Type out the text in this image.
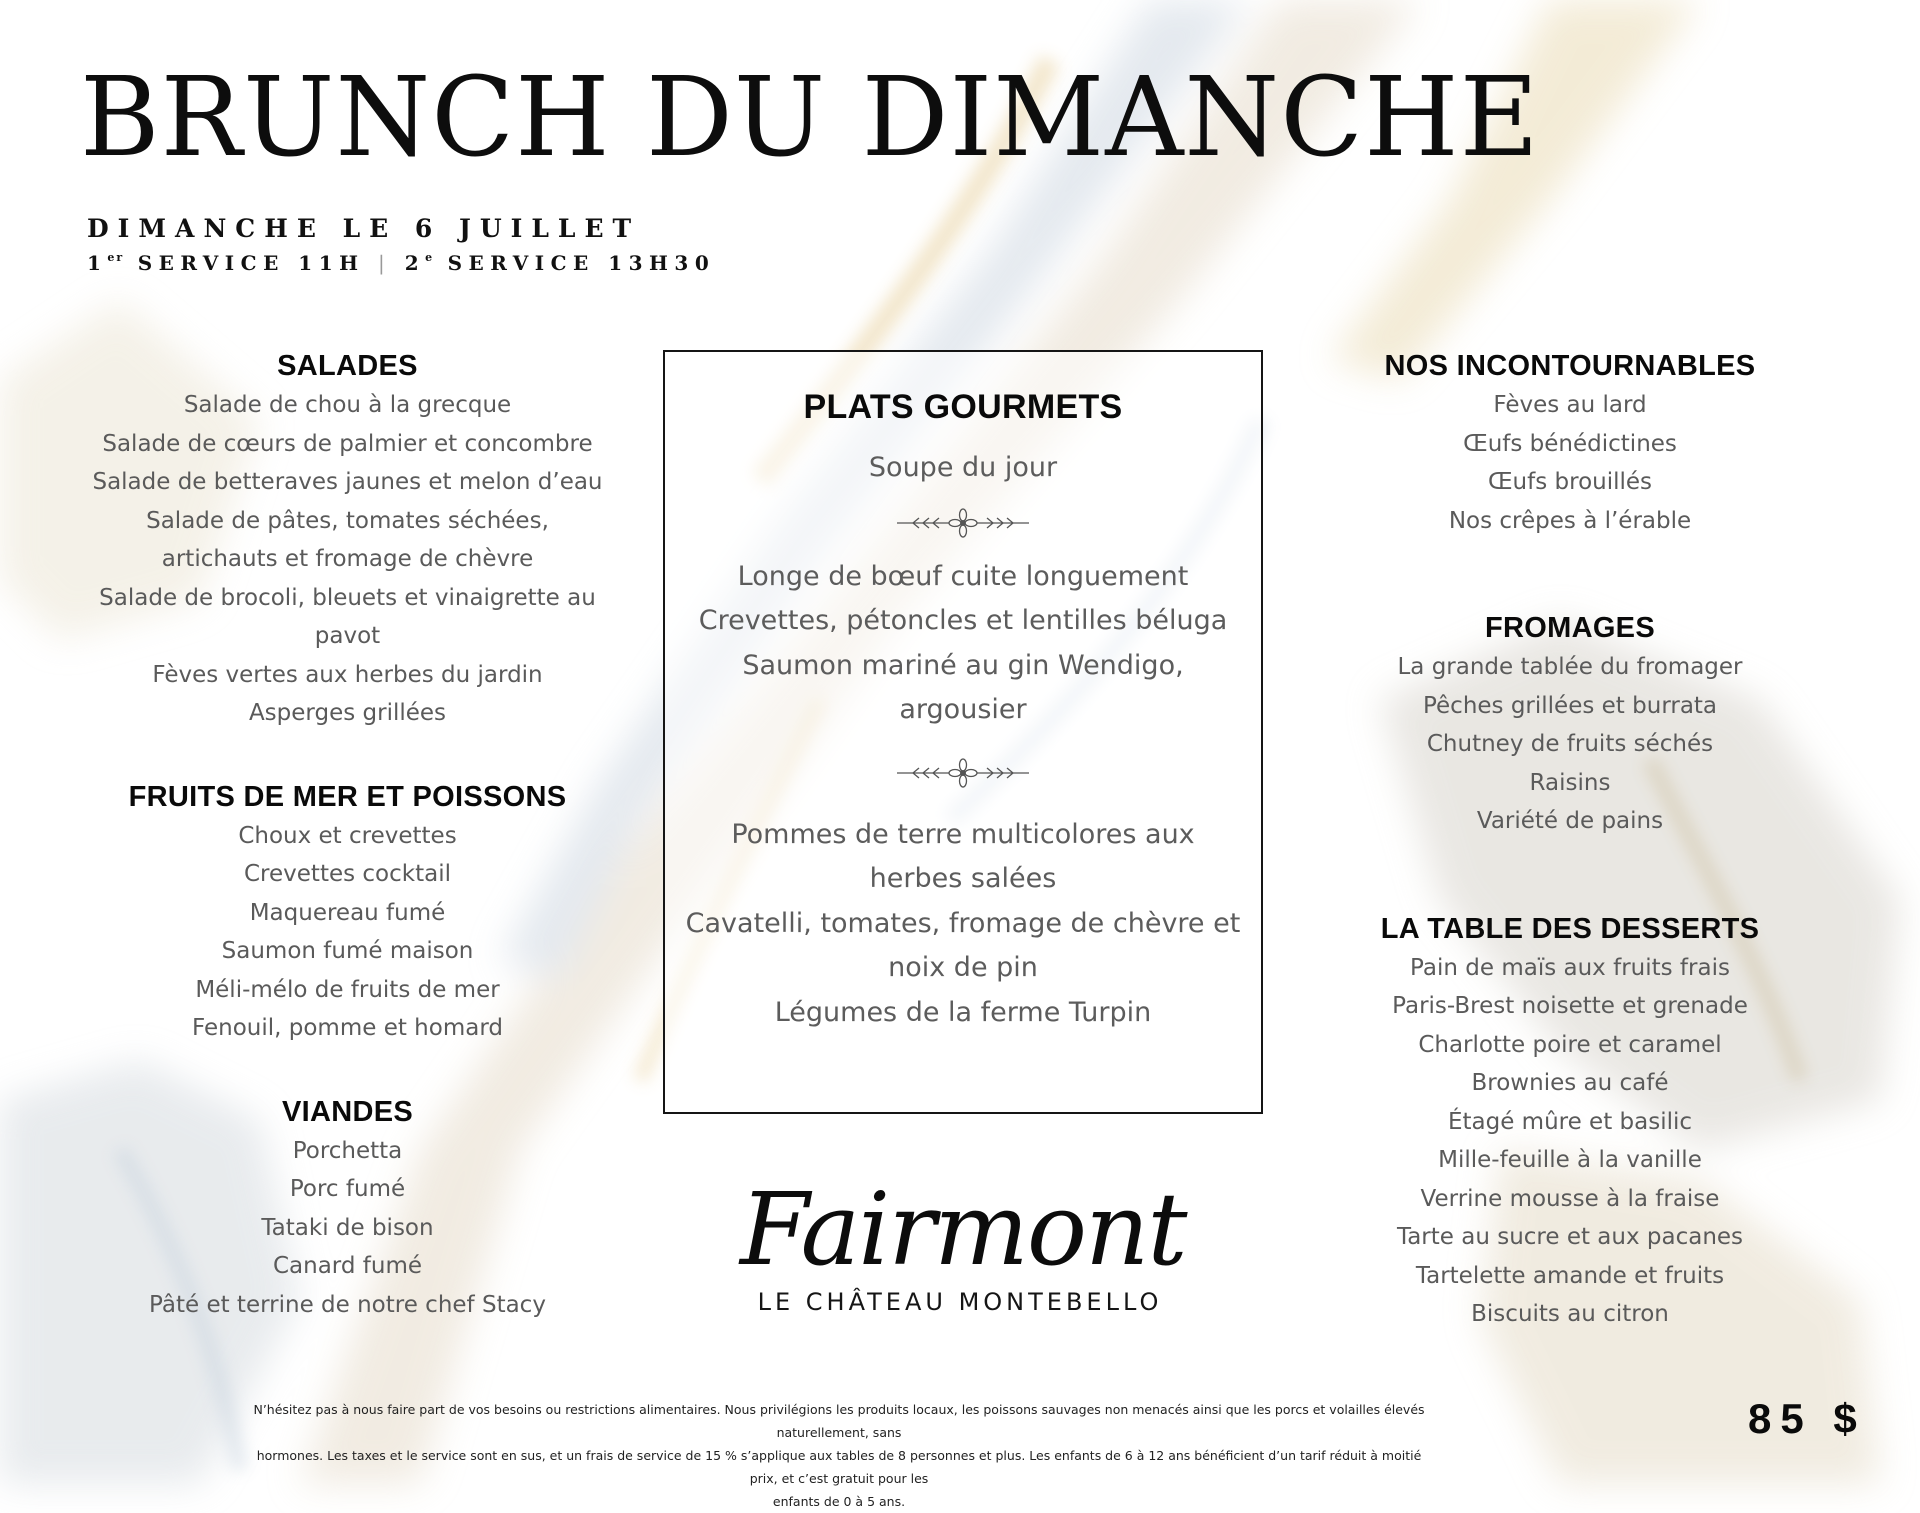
BRUNCH DU DIMANCHE
DIMANCHE LE 6 JUILLET
1er SERVICE 11H | 2e SERVICE 13H30
SALADES
Salade de chou à la grecque
Salade de cœurs de palmier et concombre
Salade de betteraves jaunes et melon d’eau
Salade de pâtes, tomates séchées,
artichauts et fromage de chèvre
Salade de brocoli, bleuets et vinaigrette au
pavot
Fèves vertes aux herbes du jardin
Asperges grillées
FRUITS DE MER ET POISSONS
Choux et crevettes
Crevettes cocktail
Maquereau fumé
Saumon fumé maison
Méli-mélo de fruits de mer
Fenouil, pomme et homard
VIANDES
Porchetta
Porc fumé
Tataki de bison
Canard fumé
Pâté et terrine de notre chef Stacy
PLATS GOURMETS
Soupe du jour
Longe de bœuf cuite longuement
Crevettes, pétoncles et lentilles béluga
Saumon mariné au gin Wendigo,
argousier
Pommes de terre multicolores aux
herbes salées
Cavatelli, tomates, fromage de chèvre et
noix de pin
Légumes de la ferme Turpin
NOS INCONTOURNABLES
Fèves au lard
Œufs bénédictines
Œufs brouillés
Nos crêpes à l’érable
FROMAGES
La grande tablée du fromager
Pêches grillées et burrata
Chutney de fruits séchés
Raisins
Variété de pains
LA TABLE DES DESSERTS
Pain de maïs aux fruits frais
Paris-Brest noisette et grenade
Charlotte poire et caramel
Brownies au café
Étagé mûre et basilic
Mille-feuille à la vanille
Verrine mousse à la fraise
Tarte au sucre et aux pacanes
Tartelette amande et fruits
Biscuits au citron
Fairmont
LE CHÂTEAU MONTEBELLO
N’hésitez pas à nous faire part de vos besoins ou restrictions alimentaires. Nous privilégions les produits locaux, les poissons sauvages non menacés ainsi que les porcs et volailles élevés naturellement, sans
hormones. Les taxes et le service sont en sus, et un frais de service de 15 % s’applique aux tables de 8 personnes et plus. Les enfants de 6 à 12 ans bénéficient d’un tarif réduit à moitié prix, et c’est gratuit pour les
enfants de 0 à 5 ans.
85 $
